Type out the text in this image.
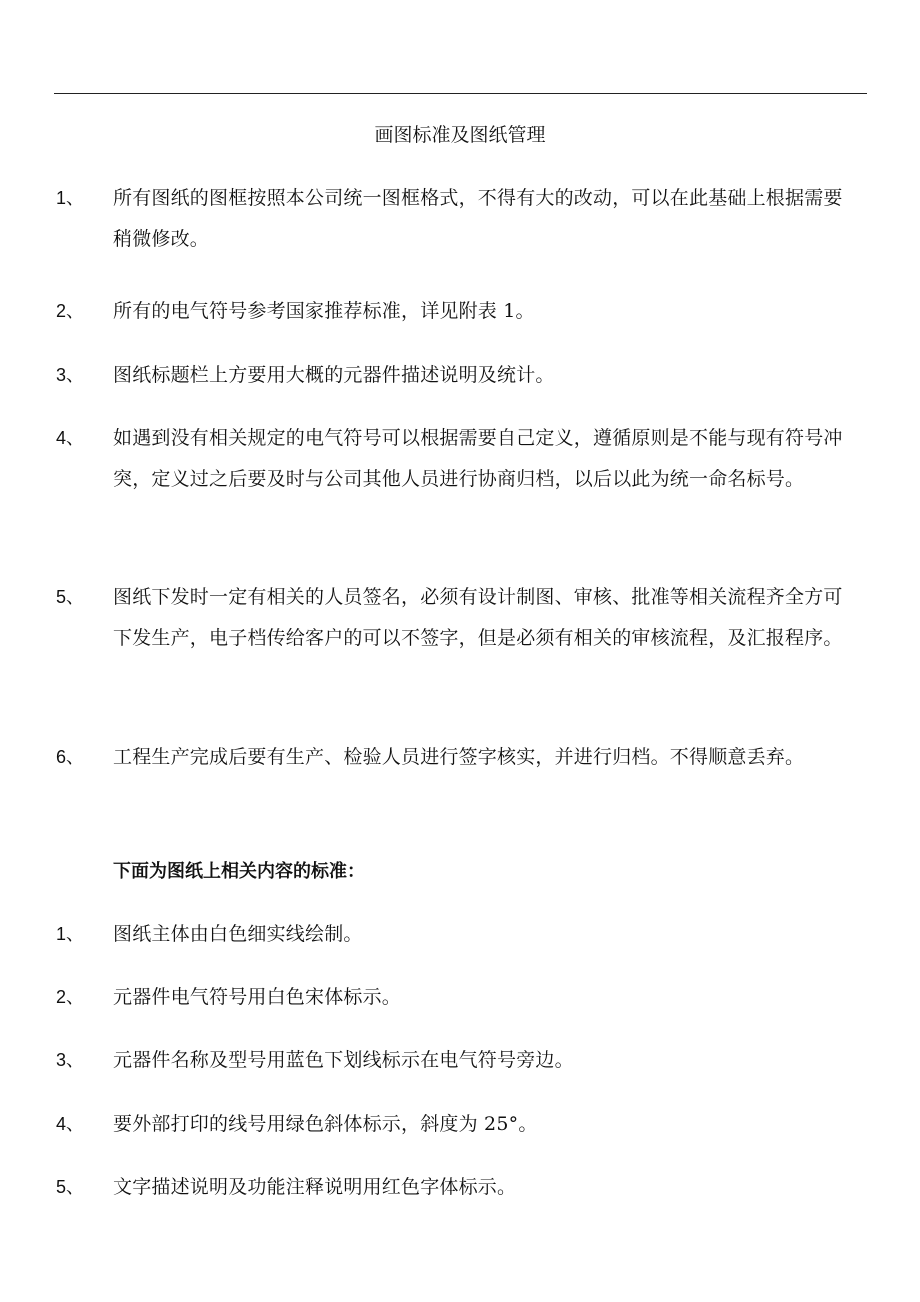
画图标准及图纸管理
1、 所有图纸的图框按照本公司统一图框格式，不得有大的改动，可以在此基础上根据需要稍微修改。
2、 所有的电气符号参考国家推荐标准，详见附表 1。
3、 图纸标题栏上方要用大概的元器件描述说明及统计。
4、 如遇到没有相关规定的电气符号可以根据需要自己定义，遵循原则是不能与现有符号冲突，定义过之后要及时与公司其他人员进行协商归档，以后以此为统一命名标号。
5、 图纸下发时一定有相关的人员签名，必须有设计制图、审核、批准等相关流程齐全方可下发生产，电子档传给客户的可以不签字，但是必须有相关的审核流程，及汇报程序。
6、 工程生产完成后要有生产、检验人员进行签字核实，并进行归档。不得顺意丢弃。
下面为图纸上相关内容的标准：
1、 图纸主体由白色细实线绘制。
2、 元器件电气符号用白色宋体标示。
3、 元器件名称及型号用蓝色下划线标示在电气符号旁边。
4、 要外部打印的线号用绿色斜体标示，斜度为 25°。
5、 文字描述说明及功能注释说明用红色字体标示。
